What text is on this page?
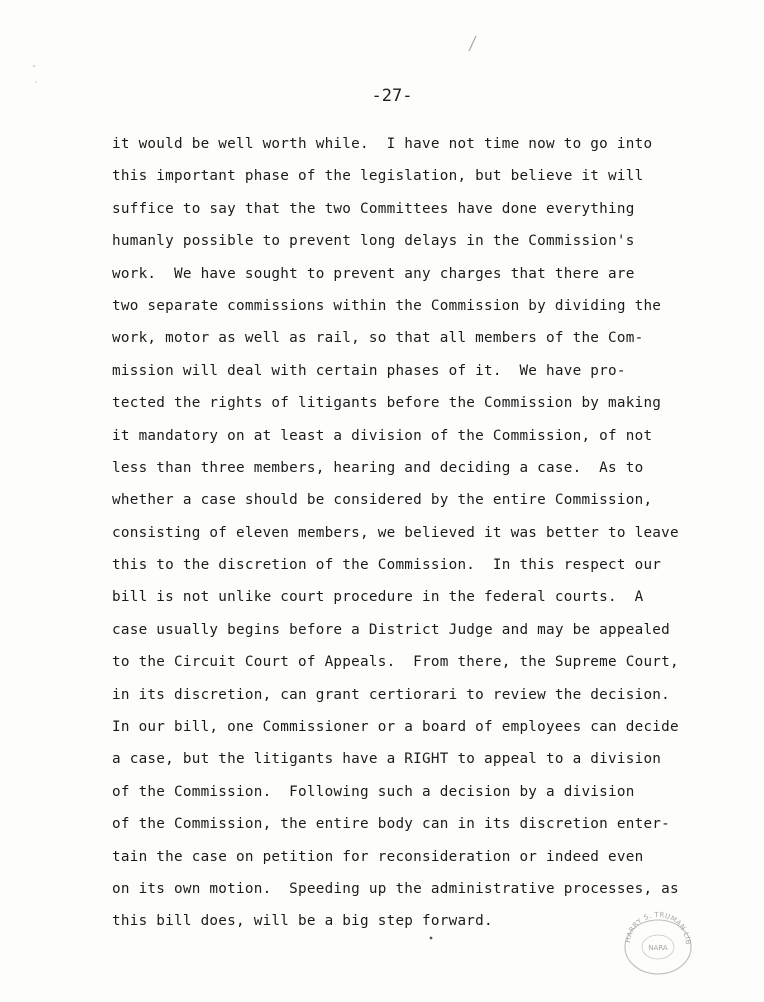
-27-
it would be well worth while.  I have not time now to go into
this important phase of the legislation, but believe it will
suffice to say that the two Committees have done everything
humanly possible to prevent long delays in the Commission's
work.  We have sought to prevent any charges that there are
two separate commissions within the Commission by dividing the
work, motor as well as rail, so that all members of the Com-
mission will deal with certain phases of it.  We have pro-
tected the rights of litigants before the Commission by making
it mandatory on at least a division of the Commission, of not
less than three members, hearing and deciding a case.  As to
whether a case should be considered by the entire Commission,
consisting of eleven members, we believed it was better to leave
this to the discretion of the Commission.  In this respect our
bill is not unlike court procedure in the federal courts.  A
case usually begins before a District Judge and may be appealed
to the Circuit Court of Appeals.  From there, the Supreme Court,
in its discretion, can grant certiorari to review the decision.
In our bill, one Commissioner or a board of employees can decide
a case, but the litigants have a RIGHT to appeal to a division
of the Commission.  Following such a decision by a division
of the Commission, the entire body can in its discretion enter-
tain the case on petition for reconsideration or indeed even
on its own motion.  Speeding up the administrative processes, as
this bill does, will be a big step forward.
HARRY S. TRUMAN LIB
NARA
